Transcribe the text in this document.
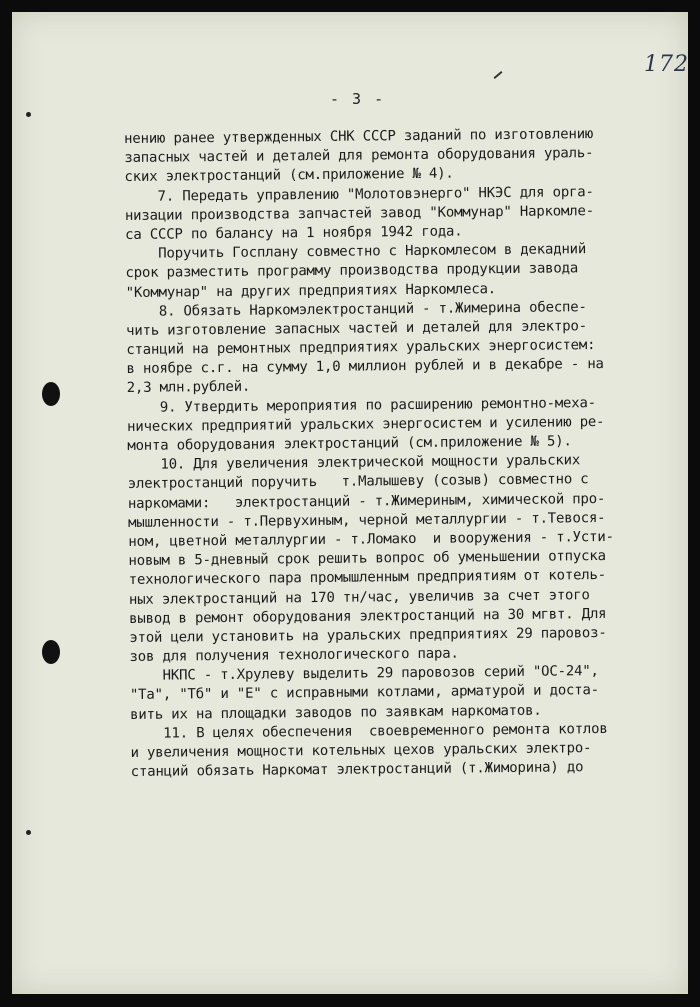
172
- 3 -
нению ранее утвержденных СНК СССР заданий по изготовлению
запасных частей и деталей для ремонта оборудования ураль-
ских электростанций (см.приложение № 4).
7. Передать управлению "Молотовэнерго" НКЭС для орга-
низации производства запчастей завод "Коммунар" Наркомле-
са СССР по балансу на 1 ноября 1942 года.
Поручить Госплану совместно с Наркомлесом в декадний
срок разместить программу производства продукции завода
"Коммунар" на других предприятиях Наркомлеса.
8. Обязать Наркомэлектростанций - т.Жимерина обеспе-
чить изготовление запасных частей и деталей для электро-
станций на ремонтных предприятиях уральских энергосистем:
в ноябре с.г. на сумму 1,0 миллион рублей и в декабре - на
2,3 млн.рублей.
9. Утвердить мероприятия по расширению ремонтно-меха-
нических предприятий уральских энергосистем и усилению ре-
монта оборудования электростанций (см.приложение № 5).
10. Для увеличения электрической мощности уральских
электростанций поручить   т.Малышеву (созыв) совместно с
наркомами:   электростанций - т.Жимериным, химической про-
мышленности - т.Первухиным, черной металлургии - т.Тевося-
ном, цветной металлургии - т.Ломако  и вооружения - т.Усти-
новым в 5-дневный срок решить вопрос об уменьшении отпуска
технологического пара промышленным предприятиям от котель-
ных электростанций на 170 тн/час, увеличив за счет этого
вывод в ремонт оборудования электростанций на 30 мгвт. Для
этой цели установить на уральских предприятиях 29 паровоз-
зов для получения технологического пара.
НКПС - т.Хрулеву выделить 29 паровозов серий "ОС-24",
"Та", "Тб" и "Е" с исправными котлами, арматурой и доста-
вить их на площадки заводов по заявкам наркоматов.
11. В целях обеспечения  своевременного ремонта котлов
и увеличения мощности котельных цехов уральских электро-
станций обязать Наркомат электростанций (т.Жиморина) до
